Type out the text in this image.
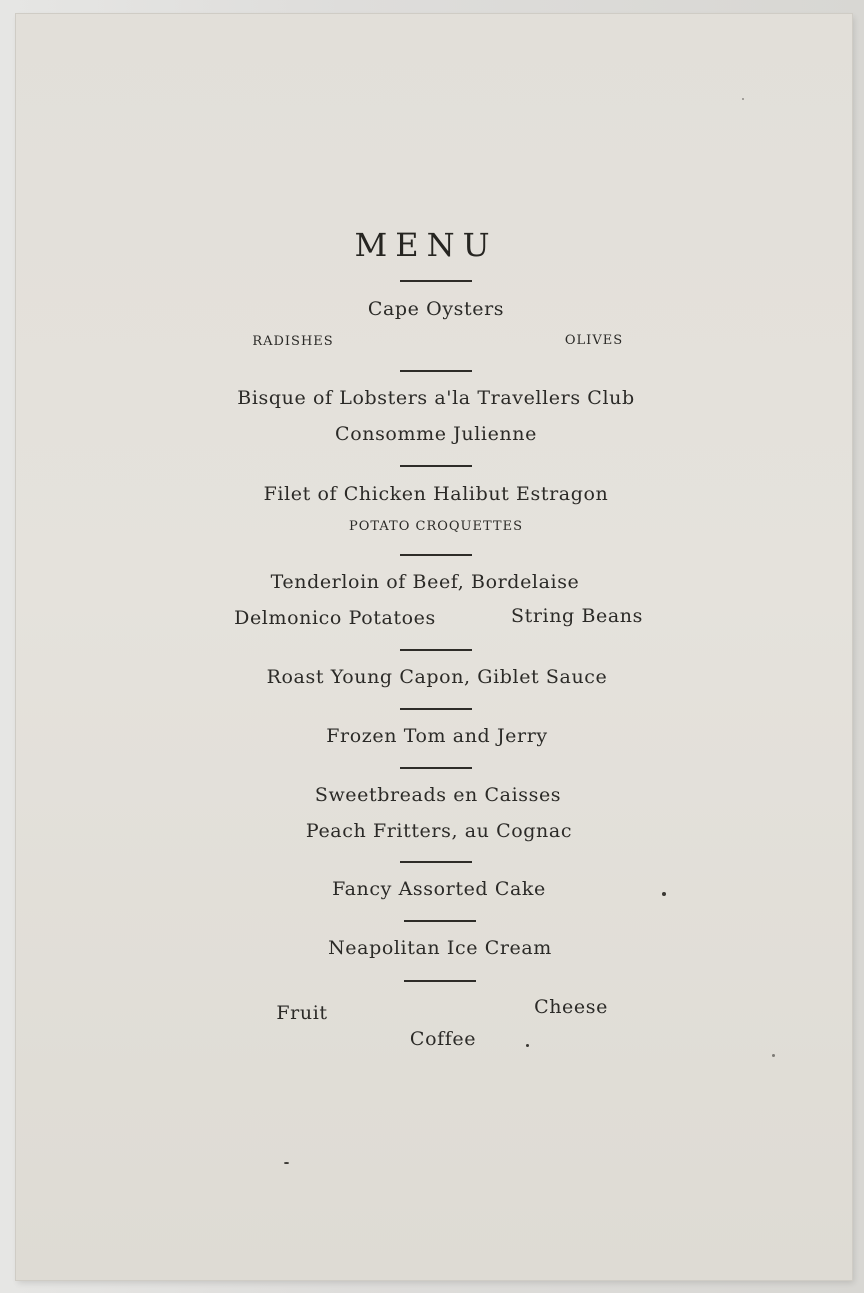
MENU
Cape Oysters
RADISHES	OLIVES
Bisque of Lobsters a'la Travellers Club
Consomme Julienne
Filet of Chicken Halibut Estragon
POTATO CROQUETTES
Tenderloin of Beef, Bordelaise
Delmonico Potatoes	String Beans
Roast Young Capon, Giblet Sauce
Frozen Tom and Jerry
Sweetbreads en Caisses
Peach Fritters, au Cognac
Fancy Assorted Cake
Neapolitan Ice Cream
Fruit	Cheese
Coffee
